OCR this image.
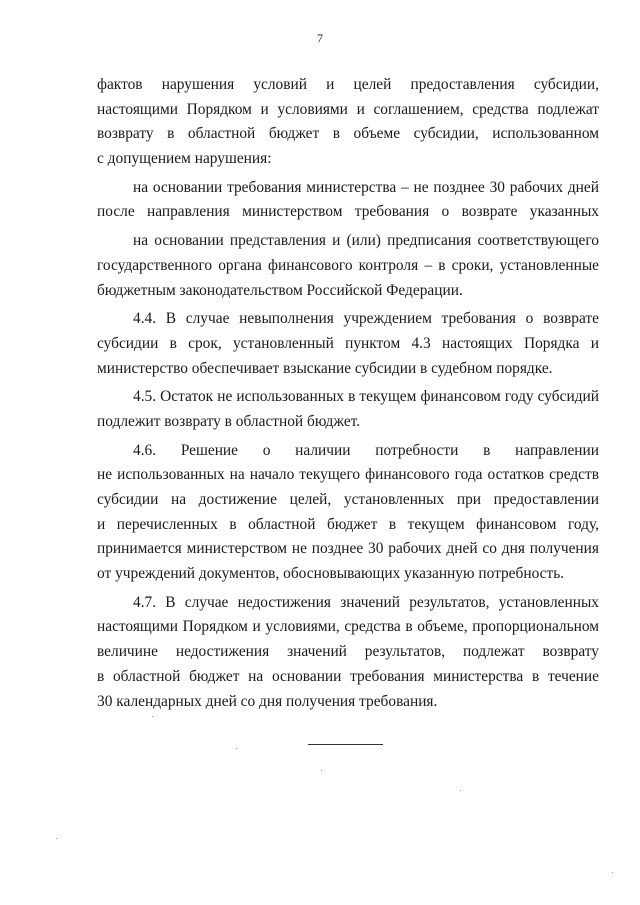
7
фактов нарушения условий и целей предоставления субсидии,
настоящими Порядком и условиями и соглашением, средства подлежат
возврату в областной бюджет в объеме субсидии, использованном
с допущением нарушения:
на основании требования министерства – не позднее 30 рабочих дней
после направления министерством требования о возврате указанных
на основании представления и (или) предписания соответствующего
государственного органа финансового контроля – в сроки, установленные
бюджетным законодательством Российской Федерации.
4.4. В случае невыполнения учреждением требования о возврате
субсидии в срок, установленный пунктом 4.3 настоящих Порядка и
министерство обеспечивает взыскание субсидии в судебном порядке.
4.5. Остаток не использованных в текущем финансовом году субсидий
подлежит возврату в областной бюджет.
4.6. Решение о наличии потребности в направлении
не использованных на начало текущего финансового года остатков средств
субсидии на достижение целей, установленных при предоставлении
и перечисленных в областной бюджет в текущем финансовом году,
принимается министерством не позднее 30 рабочих дней со дня получения
от учреждений документов, обосновывающих указанную потребность.
4.7. В случае недостижения значений результатов, установленных
настоящими Порядком и условиями, средства в объеме, пропорциональном
величине недостижения значений результатов, подлежат возврату
в областной бюджет на основании требования министерства в течение
30 календарных дней со дня получения требования.
